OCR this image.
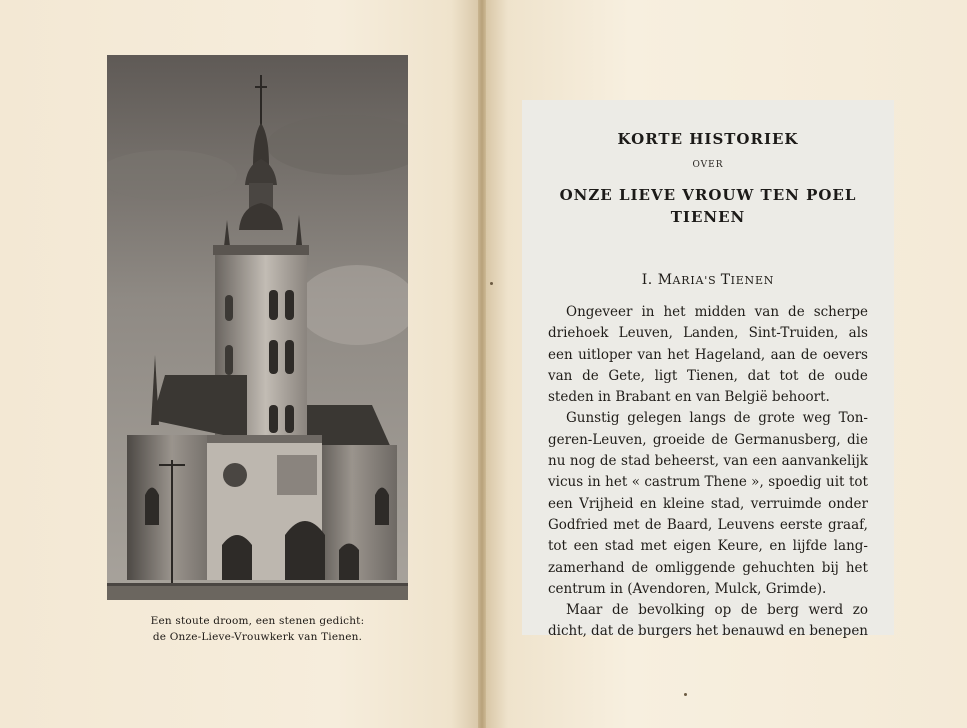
Een stoute droom, een stenen gedicht:
de Onze-Lieve-Vrouwkerk van Tienen.
KORTE HISTORIEK
OVER
ONZE LIEVE VROUW TEN POEL
TIENEN
I. MARIA'S TIENEN
Ongeveer in het midden van de scherpe
driehoek Leuven, Landen, Sint-Truiden, als
een uitloper van het Hageland, aan de oevers
van de Gete, ligt Tienen, dat tot de oude
steden in Brabant en van België behoort.
Gunstig gelegen langs de grote weg Ton-
geren-Leuven, groeide de Germanusberg, die
nu nog de stad beheerst, van een aanvankelijk
vicus in het « castrum Thene », spoedig uit tot
een Vrijheid en kleine stad, verruimde onder
Godfried met de Baard, Leuvens eerste graaf,
tot een stad met eigen Keure, en lijfde lang-
zamerhand de omliggende gehuchten bij het
centrum in (Avendoren, Mulck, Grimde).
Maar de bevolking op de berg werd zo
dicht, dat de burgers het benauwd en benepen
